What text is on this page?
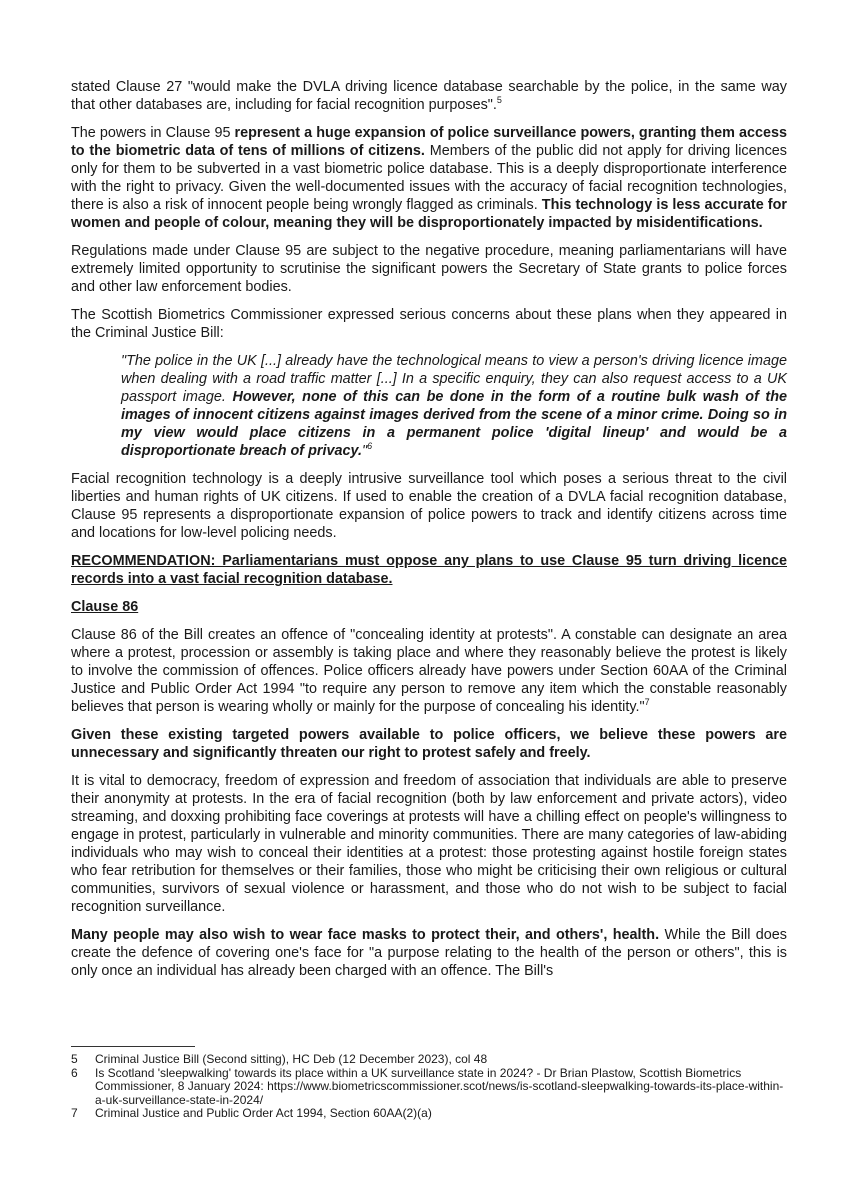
stated Clause 27 "would make the DVLA driving licence database searchable by the police, in the same way that other databases are, including for facial recognition purposes".$^5$

The powers in Clause 95 represent a huge expansion of police surveillance powers, granting them access to the biometric data of tens of millions of citizens. Members of the public did not apply for driving licences only for them to be subverted in a vast biometric police database. This is a deeply disproportionate interference with the right to privacy. Given the well-documented issues with the accuracy of facial recognition technologies, there is also a risk of innocent people being wrongly flagged as criminals. This technology is less accurate for women and people of colour, meaning they will be disproportionately impacted by misidentifications.

Regulations made under Clause 95 are subject to the negative procedure, meaning parliamentarians will have extremely limited opportunity to scrutinise the significant powers the Secretary of State grants to police forces and other law enforcement bodies.

The Scottish Biometrics Commissioner expressed serious concerns about these plans when they appeared in the Criminal Justice Bill:

"The police in the UK [...] already have the technological means to view a person's driving licence image when dealing with a road traffic matter [...] In a specific enquiry, they can also request access to a UK passport image. However, none of this can be done in the form of a routine bulk wash of the images of innocent citizens against images derived from the scene of a minor crime. Doing so in my view would place citizens in a permanent police 'digital lineup' and would be a disproportionate breach of privacy."$^6$

Facial recognition technology is a deeply intrusive surveillance tool which poses a serious threat to the civil liberties and human rights of UK citizens. If used to enable the creation of a DVLA facial recognition database, Clause 95 represents a disproportionate expansion of police powers to track and identify citizens across time and locations for low-level policing needs.

RECOMMENDATION: Parliamentarians must oppose any plans to use Clause 95 turn driving licence records into a vast facial recognition database.

Clause 86

Clause 86 of the Bill creates an offence of "concealing identity at protests". A constable can designate an area where a protest, procession or assembly is taking place and where they reasonably believe the protest is likely to involve the commission of offences. Police officers already have powers under Section 60AA of the Criminal Justice and Public Order Act 1994 "to require any person to remove any item which the constable reasonably believes that person is wearing wholly or mainly for the purpose of concealing his identity."$^7$

Given these existing targeted powers available to police officers, we believe these powers are unnecessary and significantly threaten our right to protest safely and freely.

It is vital to democracy, freedom of expression and freedom of association that individuals are able to preserve their anonymity at protests. In the era of facial recognition (both by law enforcement and private actors), video streaming, and doxxing prohibiting face coverings at protests will have a chilling effect on people's willingness to engage in protest, particularly in vulnerable and minority communities. There are many categories of law-abiding individuals who may wish to conceal their identities at a protest: those protesting against hostile foreign states who fear retribution for themselves or their families, those who might be criticising their own religious or cultural communities, survivors of sexual violence or harassment, and those who do not wish to be subject to facial recognition surveillance.

Many people may also wish to wear face masks to protect their, and others', health. While the Bill does create the defence of covering one's face for "a purpose relating to the health of the person or others", this is only once an individual has already been charged with an offence. The Bill's

5	Criminal Justice Bill (Second sitting), HC Deb (12 December 2023), col 48
6	Is Scotland 'sleepwalking' towards its place within a UK surveillance state in 2024? - Dr Brian Plastow, Scottish Biometrics Commissioner, 8 January 2024: https://www.biometricscommissioner.scot/news/is-scotland-sleepwalking-towards-its-place-within-a-uk-surveillance-state-in-2024/
7	Criminal Justice and Public Order Act 1994, Section 60AA(2)(a)
